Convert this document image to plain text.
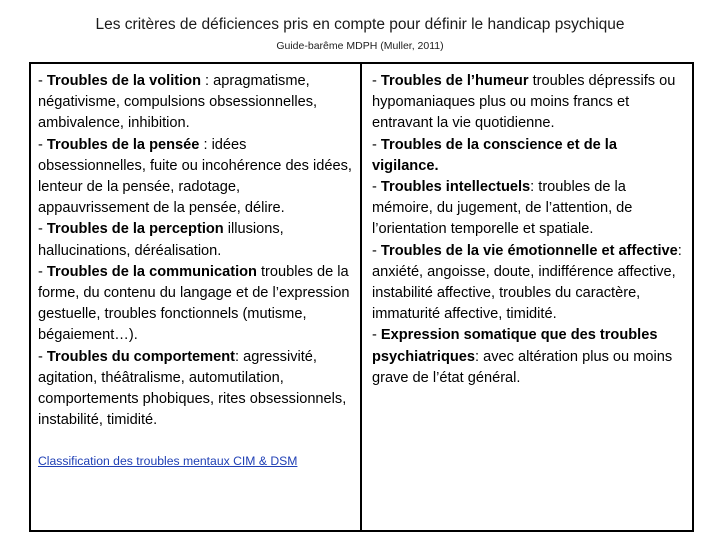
Les critères de déficiences pris en compte pour définir le handicap psychique
Guide-barême MDPH (Muller, 2011)

- Troubles de la volition : apragmatisme, négativisme, compulsions obsessionnelles, ambivalence, inhibition.

- Troubles de la pensée : idées obsessionnelles, fuite ou incohérence des idées, lenteur de la pensée, radotage, appauvrissement de la pensée, délire.

- Troubles de la perception illusions, hallucinations, déréalisation.

- Troubles de la communication troubles de la forme, du contenu du langage et de l’expression gestuelle, troubles fonctionnels (mutisme, bégaiement…).

- Troubles du comportement: agressivité, agitation, théâtralisme, automutilation, comportements phobiques, rites obsessionnels, instabilité, timidité.

Classification des troubles mentaux CIM & DSM

- Troubles de l’humeur troubles dépressifs ou hypomaniaques plus ou moins francs et entravant la vie quotidienne.

- Troubles de la conscience et de la vigilance.

- Troubles intellectuels: troubles de la mémoire, du jugement, de l’attention, de l’orientation temporelle et spatiale.

- Troubles de la vie émotionnelle et affective: anxiété, angoisse, doute, indifférence affective, instabilité affective, troubles du caractère, immaturité affective, timidité.

- Expression somatique que des troubles psychiatriques: avec altération plus ou moins grave de l’état général.
